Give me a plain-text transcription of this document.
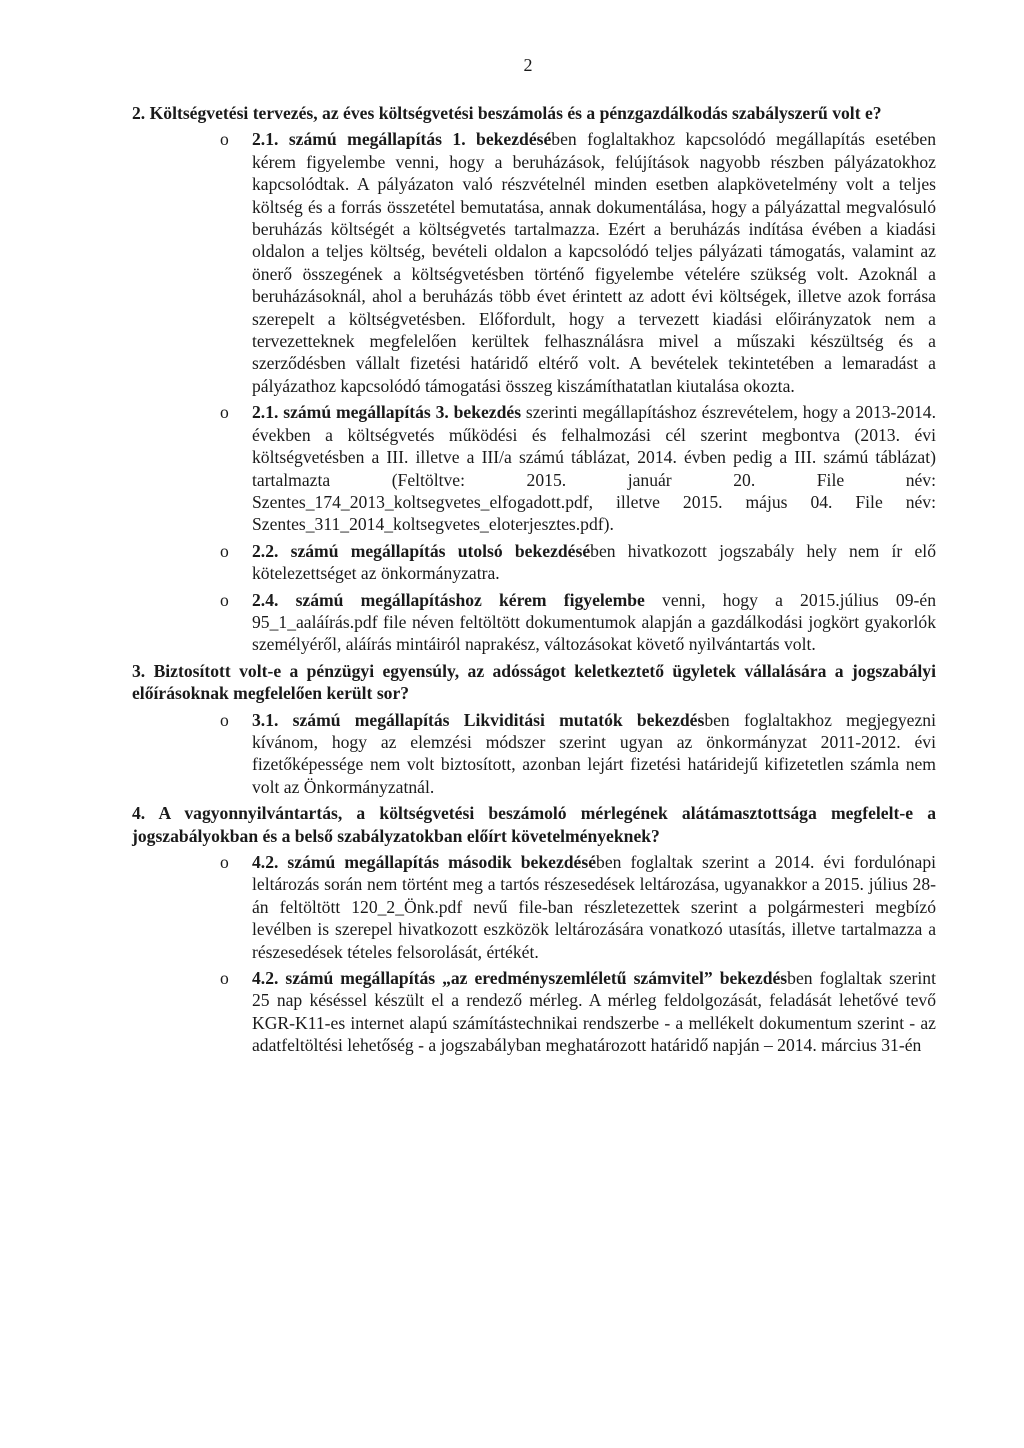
2

2. Költségvetési tervezés, az éves költségvetési beszámolás és a pénzgazdálkodás szabályszerű volt e?

o 2.1. számú megállapítás 1. bekezdésében foglaltakhoz kapcsolódó megállapítás esetében kérem figyelembe venni, hogy a beruházások, felújítások nagyobb részben pályázatokhoz kapcsolódtak. A pályázaton való részvételnél minden esetben alapkövetelmény volt a teljes költség és a forrás összetétel bemutatása, annak dokumentálása, hogy a pályázattal megvalósuló beruházás költségét a költségvetés tartalmazza. Ezért a beruházás indítása évében a kiadási oldalon a teljes költség, bevételi oldalon a kapcsolódó teljes pályázati támogatás, valamint az önerő összegének a költségvetésben történő figyelembe vételére szükség volt. Azoknál a beruházásoknál, ahol a beruházás több évet érintett az adott évi költségek, illetve azok forrása szerepelt a költségvetésben. Előfordult, hogy a tervezett kiadási előirányzatok nem a tervezetteknek megfelelően kerültek felhasználásra mivel a műszaki készültség és a szerződésben vállalt fizetési határidő eltérő volt. A bevételek tekintetében a lemaradást a pályázathoz kapcsolódó támogatási összeg kiszámíthatatlan kiutalása okozta.
o 2.1. számú megállapítás 3. bekezdés szerinti megállapításhoz észrevételem, hogy a 2013-2014. években a költségvetés működési és felhalmozási cél szerint megbontva (2013. évi költségvetésben a III. illetve a III/a számú táblázat, 2014. évben pedig a III. számú táblázat) tartalmazta (Feltöltve: 2015. január 20. File név: Szentes_174_2013_koltsegvetes_elfogadott.pdf, illetve 2015. május 04. File név: Szentes_311_2014_koltsegvetes_eloterjesztes.pdf).
o 2.2. számú megállapítás utolsó bekezdésében hivatkozott jogszabály hely nem ír elő kötelezettséget az önkormányzatra.
o 2.4. számú megállapításhoz kérem figyelembe venni, hogy a 2015.július 09-én 95_1_aaláírás.pdf file néven feltöltött dokumentumok alapján a gazdálkodási jogkört gyakorlók személyéről, aláírás mintáiról naprakész, változásokat követő nyilvántartás volt.

3. Biztosított volt-e a pénzügyi egyensúly, az adósságot keletkeztető ügyletek vállalására a jogszabályi előírásoknak megfelelően került sor?

o 3.1. számú megállapítás Likviditási mutatók bekezdésben foglaltakhoz megjegyezni kívánom, hogy az elemzési módszer szerint ugyan az önkormányzat 2011-2012. évi fizetőképessége nem volt biztosított, azonban lejárt fizetési határidejű kifizetetlen számla nem volt az Önkormányzatnál.

4. A vagyonnyilvántartás, a költségvetési beszámoló mérlegének alátámasztottsága megfelelt-e a jogszabályokban és a belső szabályzatokban előírt követelményeknek?

o 4.2. számú megállapítás második bekezdésében foglaltak szerint a 2014. évi fordulónapi leltározás során nem történt meg a tartós részesedések leltározása, ugyanakkor a 2015. július 28-án feltöltött 120_2_Önk.pdf nevű file-ban részletezettek szerint a polgármesteri megbízó levélben is szerepel hivatkozott eszközök leltározására vonatkozó utasítás, illetve tartalmazza a részesedések tételes felsorolását, értékét.
o 4.2. számú megállapítás „az eredményszemléletű számvitel” bekezdésben foglaltak szerint 25 nap késéssel készült el a rendező mérleg. A mérleg feldolgozását, feladását lehetővé tevő KGR-K11-es internet alapú számítástechnikai rendszerbe - a mellékelt dokumentum szerint - az adatfeltöltési lehetőség - a jogszabályban meghatározott határidő napján – 2014. március 31-én
